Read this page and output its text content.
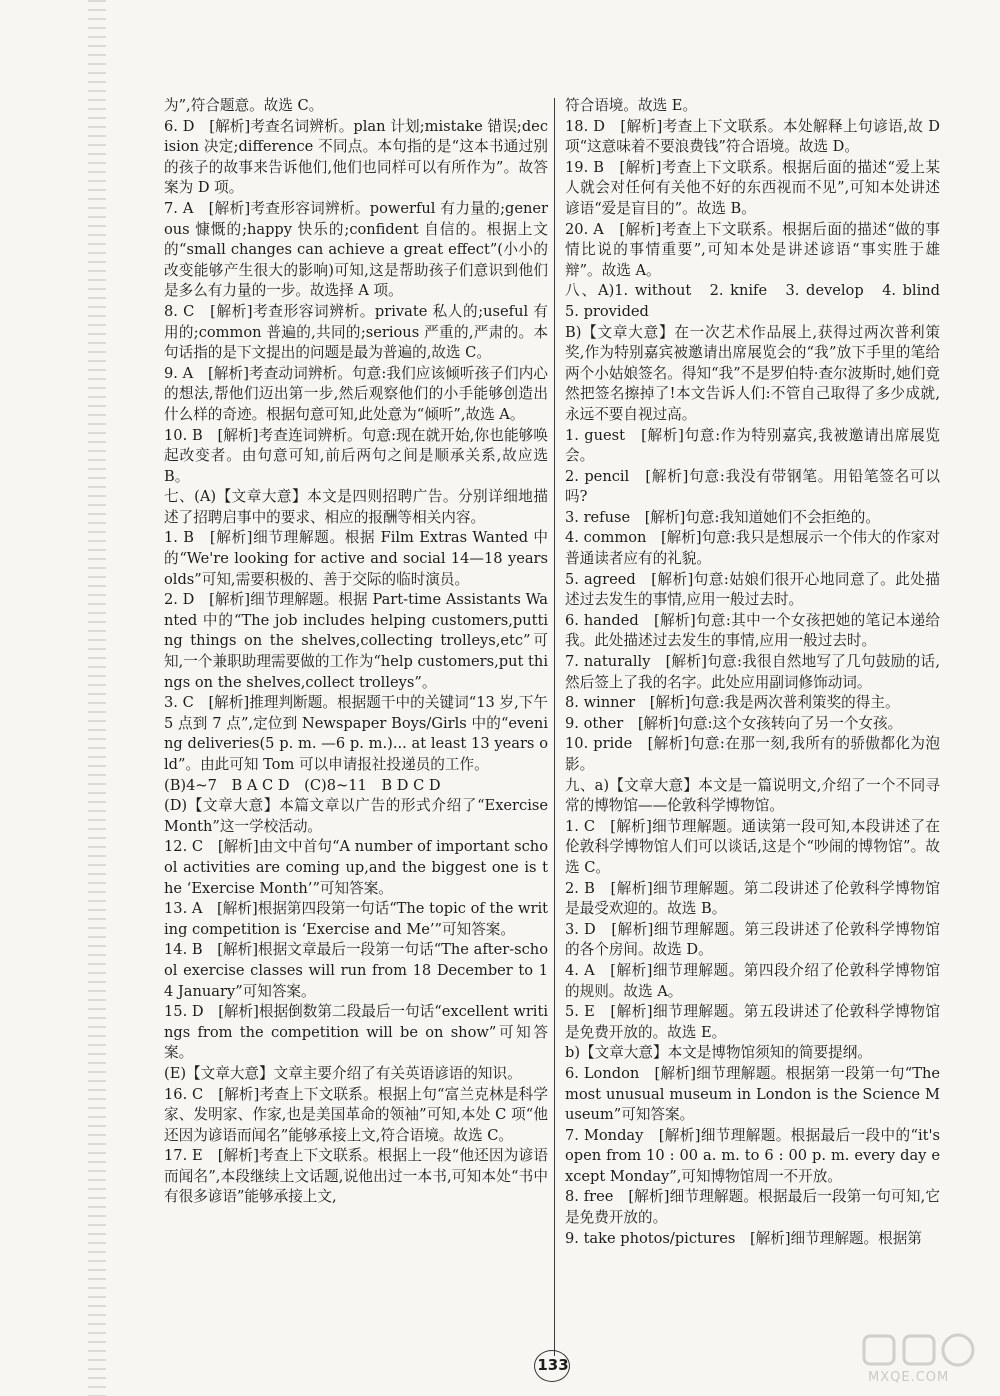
为”,符合题意。故选 C。

6. D　[解析]考查名词辨析。plan 计划;mistake 错误;decision 决定;difference 不同点。本句指的是“这本书通过别的孩子的故事来告诉他们,他们也同样可以有所作为”。故答案为 D 项。

7. A　[解析]考查形容词辨析。powerful 有力量的;generous 慷慨的;happy 快乐的;confident 自信的。根据上文的“small changes can achieve a great effect”(小小的改变能够产生很大的影响)可知,这是帮助孩子们意识到他们是多么有力量的一步。故选择 A 项。

8. C　[解析]考查形容词辨析。private 私人的;useful 有用的;common 普遍的,共同的;serious 严重的,严肃的。本句话指的是下文提出的问题是最为普遍的,故选 C。

9. A　[解析]考查动词辨析。句意:我们应该倾听孩子们内心的想法,帮他们迈出第一步,然后观察他们的小手能够创造出什么样的奇迹。根据句意可知,此处意为“倾听”,故选 A。

10. B　[解析]考查连词辨析。句意:现在就开始,你也能够唤起改变者。由句意可知,前后两句之间是顺承关系,故应选 B。

七、(A)【文章大意】本文是四则招聘广告。分别详细地描述了招聘启事中的要求、相应的报酬等相关内容。

1. B　[解析]细节理解题。根据 Film Extras Wanted 中的“We're looking for active and social 14—18 years olds”可知,需要积极的、善于交际的临时演员。

2. D　[解析]细节理解题。根据 Part-time Assistants Wanted 中的“The job includes helping customers,putting things on the shelves,collecting trolleys,etc”可知,一个兼职助理需要做的工作为“help customers,put things on the shelves,collect trolleys”。

3. C　[解析]推理判断题。根据题干中的关键词“13 岁,下午 5 点到 7 点”,定位到 Newspaper Boys/Girls 中的“evening deliveries(5 p. m. —6 p. m.)... at least 13 years old”。由此可知 Tom 可以申请报社投递员的工作。

(B)4~7　B A C D　(C)8~11　B D C D

(D)【文章大意】本篇文章以广告的形式介绍了“Exercise Month”这一学校活动。

12. C　[解析]由文中首句“A number of important school activities are coming up,and the biggest one is the ‘Exercise Month’”可知答案。

13. A　[解析]根据第四段第一句话“The topic of the writing competition is ‘Exercise and Me’”可知答案。

14. B　[解析]根据文章最后一段第一句话“The after-school exercise classes will run from 18 December to 14 January”可知答案。

15. D　[解析]根据倒数第二段最后一句话“excellent writings from the competition will be on show”可知答案。

(E)【文章大意】文章主要介绍了有关英语谚语的知识。

16. C　[解析]考查上下文联系。根据上句“富兰克林是科学家、发明家、作家,也是美国革命的领袖”可知,本处 C 项“他还因为谚语而闻名”能够承接上文,符合语境。故选 C。

17. E　[解析]考查上下文联系。根据上一段“他还因为谚语而闻名”,本段继续上文话题,说他出过一本书,可知本处“书中有很多谚语”能够承接上文,

符合语境。故选 E。

18. D　[解析]考查上下文联系。本处解释上句谚语,故 D 项“这意味着不要浪费钱”符合语境。故选 D。

19. B　[解析]考查上下文联系。根据后面的描述“爱上某人就会对任何有关他不好的东西视而不见”,可知本处讲述谚语“爱是盲目的”。故选 B。

20. A　[解析]考查上下文联系。根据后面的描述“做的事情比说的事情重要”,可知本处是讲述谚语“事实胜于雄辩”。故选 A。

八、A)1. without　2. knife　3. develop　4. blind　5. provided

B)【文章大意】在一次艺术作品展上,获得过两次普利策奖,作为特别嘉宾被邀请出席展览会的“我”放下手里的笔给两个小姑娘签名。得知“我”不是罗伯特·查尔波斯时,她们竟然把签名擦掉了!本文告诉人们:不管自己取得了多少成就,永远不要自视过高。

1. guest　[解析]句意:作为特别嘉宾,我被邀请出席展览会。

2. pencil　[解析]句意:我没有带钢笔。用铅笔签名可以吗?

3. refuse　[解析]句意:我知道她们不会拒绝的。

4. common　[解析]句意:我只是想展示一个伟大的作家对普通读者应有的礼貌。

5. agreed　[解析]句意:姑娘们很开心地同意了。此处描述过去发生的事情,应用一般过去时。

6. handed　[解析]句意:其中一个女孩把她的笔记本递给我。此处描述过去发生的事情,应用一般过去时。

7. naturally　[解析]句意:我很自然地写了几句鼓励的话,然后签上了我的名字。此处应用副词修饰动词。

8. winner　[解析]句意:我是两次普利策奖的得主。

9. other　[解析]句意:这个女孩转向了另一个女孩。

10. pride　[解析]句意:在那一刻,我所有的骄傲都化为泡影。

九、a)【文章大意】本文是一篇说明文,介绍了一个不同寻常的博物馆——伦敦科学博物馆。

1. C　[解析]细节理解题。通读第一段可知,本段讲述了在伦敦科学博物馆人们可以谈话,这是个“吵闹的博物馆”。故选 C。

2. B　[解析]细节理解题。第二段讲述了伦敦科学博物馆是最受欢迎的。故选 B。

3. D　[解析]细节理解题。第三段讲述了伦敦科学博物馆的各个房间。故选 D。

4. A　[解析]细节理解题。第四段介绍了伦敦科学博物馆的规则。故选 A。

5. E　[解析]细节理解题。第五段讲述了伦敦科学博物馆是免费开放的。故选 E。

b)【文章大意】本文是博物馆须知的简要提纲。

6. London　[解析]细节理解题。根据第一段第一句“The most unusual museum in London is the Science Museum”可知答案。

7. Monday　[解析]细节理解题。根据最后一段中的“it's open from 10 : 00 a. m. to 6 : 00 p. m. every day except Monday”,可知博物馆周一不开放。

8. free　[解析]细节理解题。根据最后一段第一句可知,它是免费开放的。

9. take photos/pictures　[解析]细节理解题。根据第

133
MXQE.COM
